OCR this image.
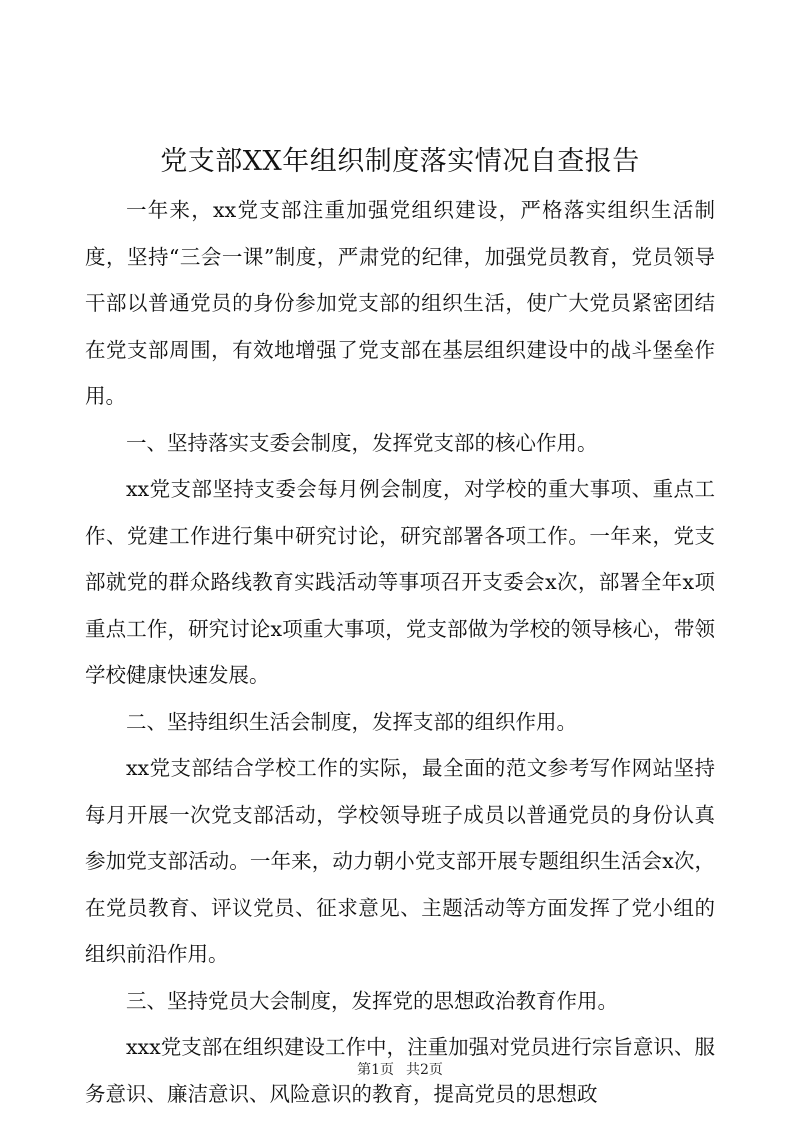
党支部XX年组织制度落实情况自查报告

一年来，xx党支部注重加强党组织建设，严格落实组织生活制度，坚持“三会一课”制度，严肃党的纪律，加强党员教育，党员领导干部以普通党员的身份参加党支部的组织生活，使广大党员紧密团结在党支部周围，有效地增强了党支部在基层组织建设中的战斗堡垒作用。

一、坚持落实支委会制度，发挥党支部的核心作用。

xx党支部坚持支委会每月例会制度，对学校的重大事项、重点工作、党建工作进行集中研究讨论，研究部署各项工作。一年来，党支部就党的群众路线教育实践活动等事项召开支委会x次，部署全年x项重点工作，研究讨论x项重大事项，党支部做为学校的领导核心，带领学校健康快速发展。

二、坚持组织生活会制度，发挥支部的组织作用。

xx党支部结合学校工作的实际，最全面的范文参考写作网站坚持每月开展一次党支部活动，学校领导班子成员以普通党员的身份认真参加党支部活动。一年来，动力朝小党支部开展专题组织生活会x次，在党员教育、评议党员、征求意见、主题活动等方面发挥了党小组的组织前沿作用。

三、坚持党员大会制度，发挥党的思想政治教育作用。

xxx党支部在组织建设工作中，注重加强对党员进行宗旨意识、服务意识、廉洁意识、风险意识的教育，提高党员的思想政

第1页 共2页
